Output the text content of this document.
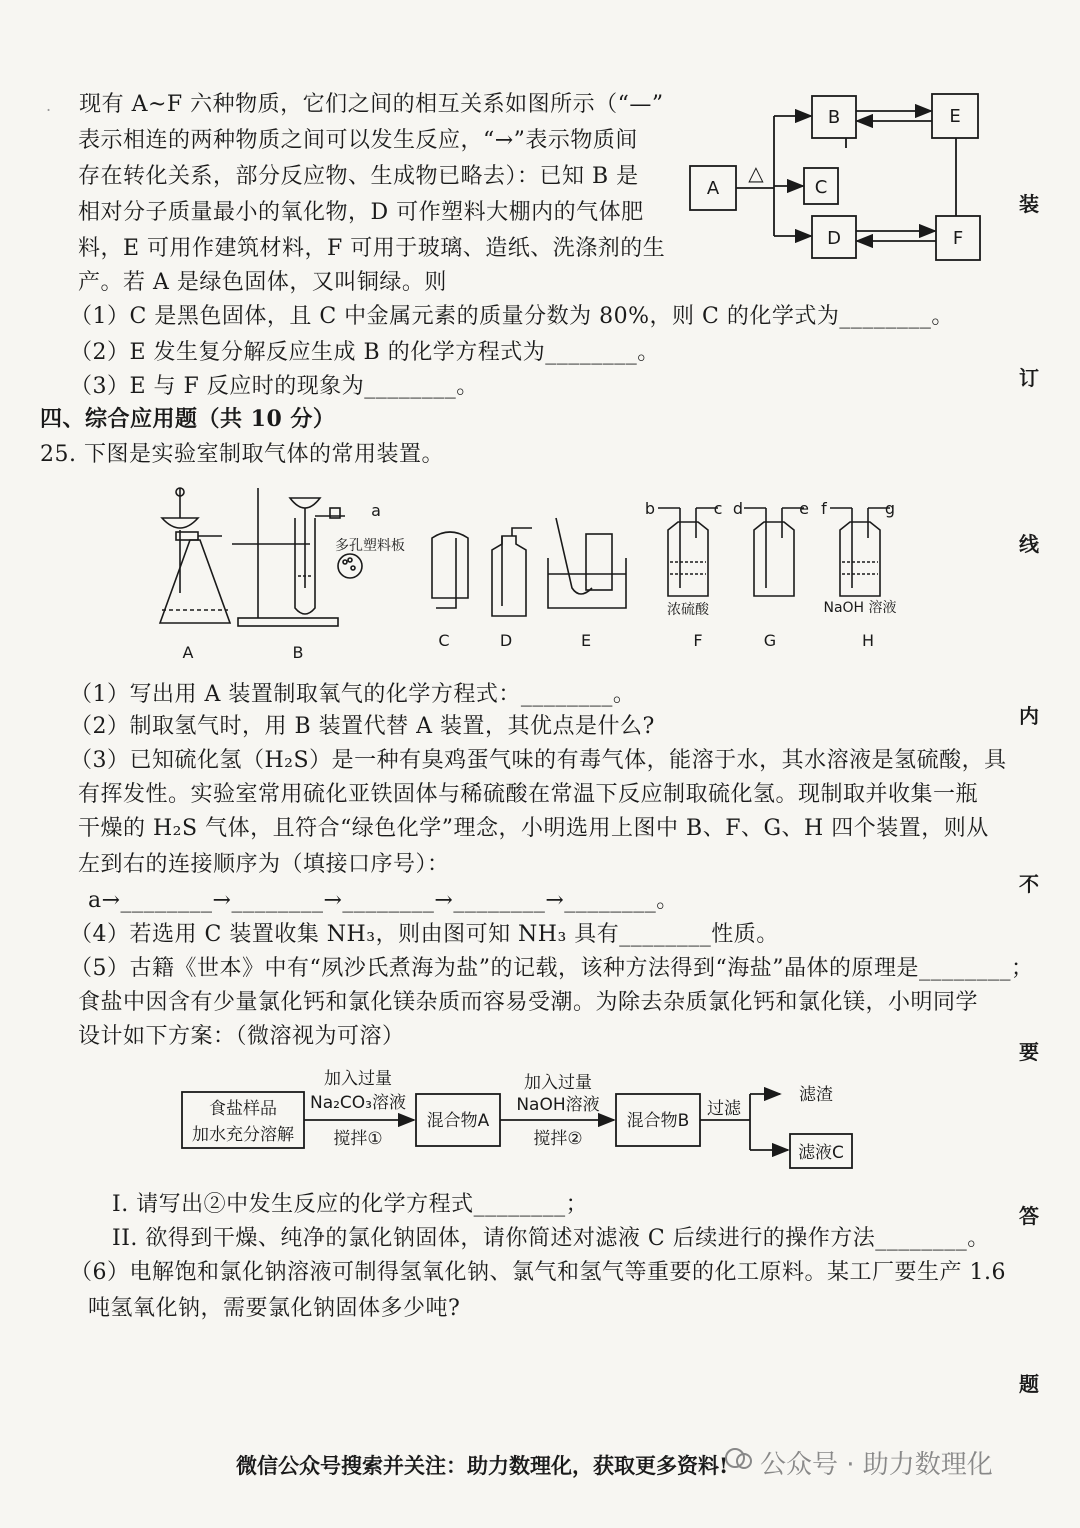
. 现有 A~F 六种物质，它们之间的相互关系如图所示（“—”
表示相连的两种物质之间可以发生反应，“→”表示物质间
存在转化关系，部分反应物、生成物已略去）：已知 B 是
相对分子质量最小的氧化物，D 可作塑料大棚内的气体肥
料，E 可用作建筑材料，F 可用于玻璃、造纸、洗涤剂的生
产。若 A 是绿色固体，又叫铜绿。则
A
B
C
D
E
F
△
（1）C 是黑色固体，且 C 中金属元素的质量分数为 80%，则 C 的化学式为________。
（2）E 发生复分解反应生成 B 的化学方程式为________。
（3）E 与 F 反应时的现象为________。
四、综合应用题（共 10 分）
25. 下图是实验室制取气体的常用装置。
A	B
C	D	E	F	G	H
a
多孔塑料板
b	c d	e f	g
浓硫酸	NaOH 溶液
（1）写出用 A 装置制取氧气的化学方程式：________。
（2）制取氢气时，用 B 装置代替 A 装置，其优点是什么?
（3）已知硫化氢（H₂S）是一种有臭鸡蛋气味的有毒气体，能溶于水，其水溶液是氢硫酸，具
有挥发性。实验室常用硫化亚铁固体与稀硫酸在常温下反应制取硫化氢。现制取并收集一瓶
干燥的 H₂S 气体，且符合“绿色化学”理念，小明选用上图中 B、F、G、H 四个装置，则从
左到右的连接顺序为（填接口序号）：
a→________→________→________→________→________。
（4）若选用 C 装置收集 NH₃，则由图可知 NH₃ 具有________性质。
（5）古籍《世本》中有“夙沙氏煮海为盐”的记载，该种方法得到“海盐”晶体的原理是________；
食盐中因含有少量氯化钙和氯化镁杂质而容易受潮。为除去杂质氯化钙和氯化镁，小明同学
设计如下方案：（微溶视为可溶）
食盐样品
加水充分溶解
加入过量
Na₂CO₃溶液
搅拌①
混合物A
加入过量
NaOH溶液
搅拌②
混合物B
过滤
滤渣
滤液C
I. 请写出②中发生反应的化学方程式________；
II. 欲得到干燥、纯净的氯化钠固体，请你简述对滤液 C 后续进行的操作方法________。
（6）电解饱和氯化钠溶液可制得氢氧化钠、氯气和氢气等重要的化工原料。某工厂要生产 1.6
吨氢氧化钠，需要氯化钠固体多少吨?
装
订
线
内
不
要
答
题
微信公众号搜索并关注：助力数理化，获取更多资料! 公众号 · 助力数理化
